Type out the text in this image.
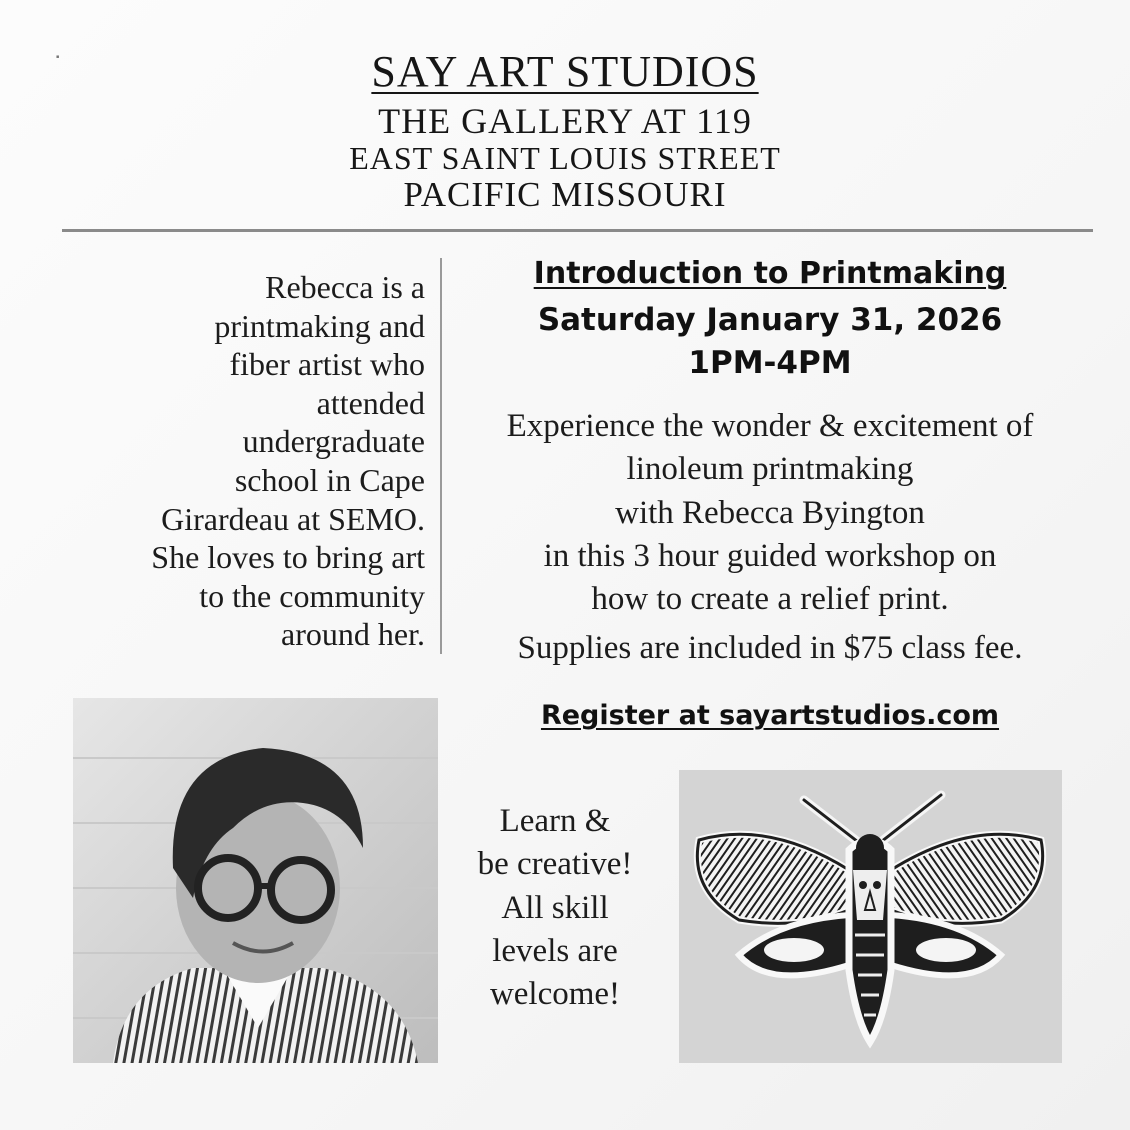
▪	SAY ART STUDIOS
THE GALLERY AT 119
EAST SAINT LOUIS STREET
PACIFIC MISSOURI
Rebecca is a
printmaking and
fiber artist who
attended
undergraduate
school in Cape
Girardeau at SEMO.
She loves to bring art
to the community
around her.
Introduction to Printmaking
Saturday January 31, 2026
1PM-4PM
Experience the wonder & excitement of
linoleum printmaking
with Rebecca Byington
in this 3 hour guided workshop on
how to create a relief print.
Supplies are included in $75 class fee.
Register at sayartstudios.com
Learn &
be creative!
All skill
levels are
welcome!
